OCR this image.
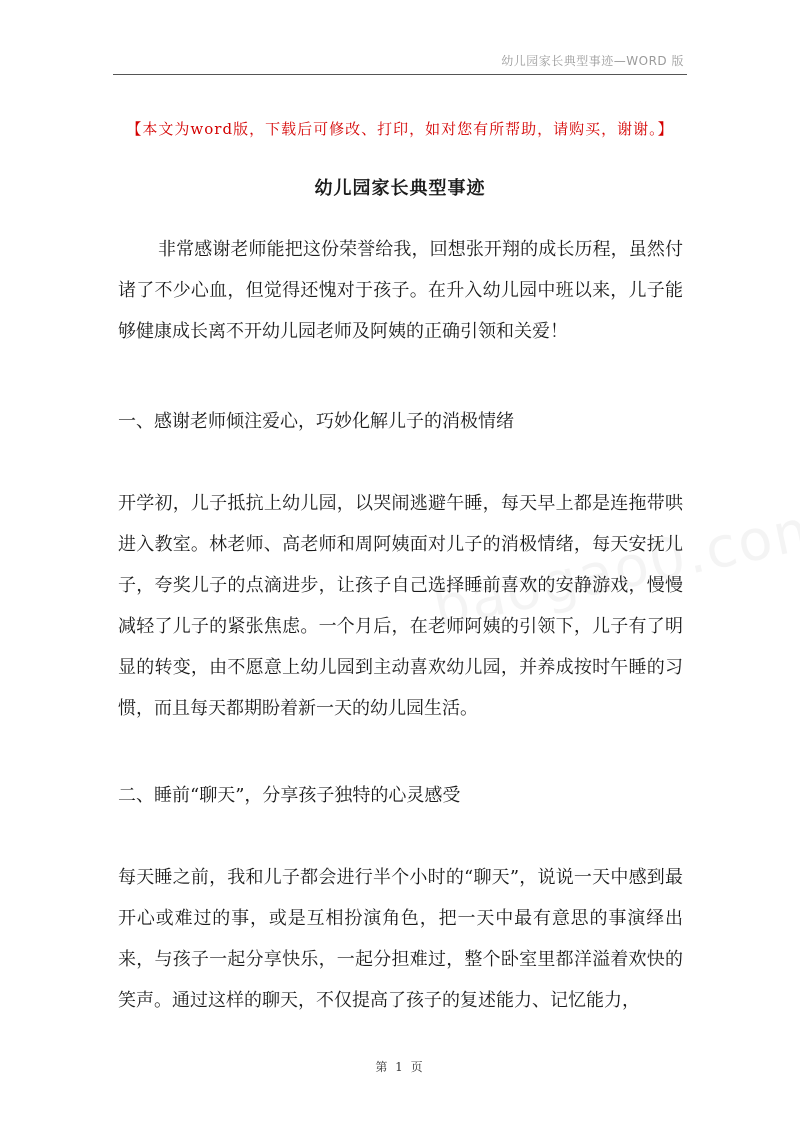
幼儿园家长典型事迹—WORD 版
【本文为word版，下载后可修改、打印，如对您有所帮助，请购买，谢谢。】
幼儿园家长典型事迹

非常感谢老师能把这份荣誉给我，回想张开翔的成长历程，虽然付诸了不少心血，但觉得还愧对于孩子。在升入幼儿园中班以来，儿子能够健康成长离不开幼儿园老师及阿姨的正确引领和关爱！

一、感谢老师倾注爱心，巧妙化解儿子的消极情绪

开学初，儿子抵抗上幼儿园，以哭闹逃避午睡，每天早上都是连拖带哄进入教室。林老师、高老师和周阿姨面对儿子的消极情绪，每天安抚儿子，夸奖儿子的点滴进步，让孩子自己选择睡前喜欢的安静游戏，慢慢减轻了儿子的紧张焦虑。一个月后，在老师阿姨的引领下，儿子有了明显的转变，由不愿意上幼儿园到主动喜欢幼儿园，并养成按时午睡的习惯，而且每天都期盼着新一天的幼儿园生活。

二、睡前“聊天”，分享孩子独特的心灵感受

每天睡之前，我和儿子都会进行半个小时的“聊天”，说说一天中感到最开心或难过的事，或是互相扮演角色，把一天中最有意思的事演绎出来，与孩子一起分享快乐，一起分担难过，整个卧室里都洋溢着欢快的笑声。通过这样的聊天，不仅提高了孩子的复述能力、记忆能力，

第 1 页
